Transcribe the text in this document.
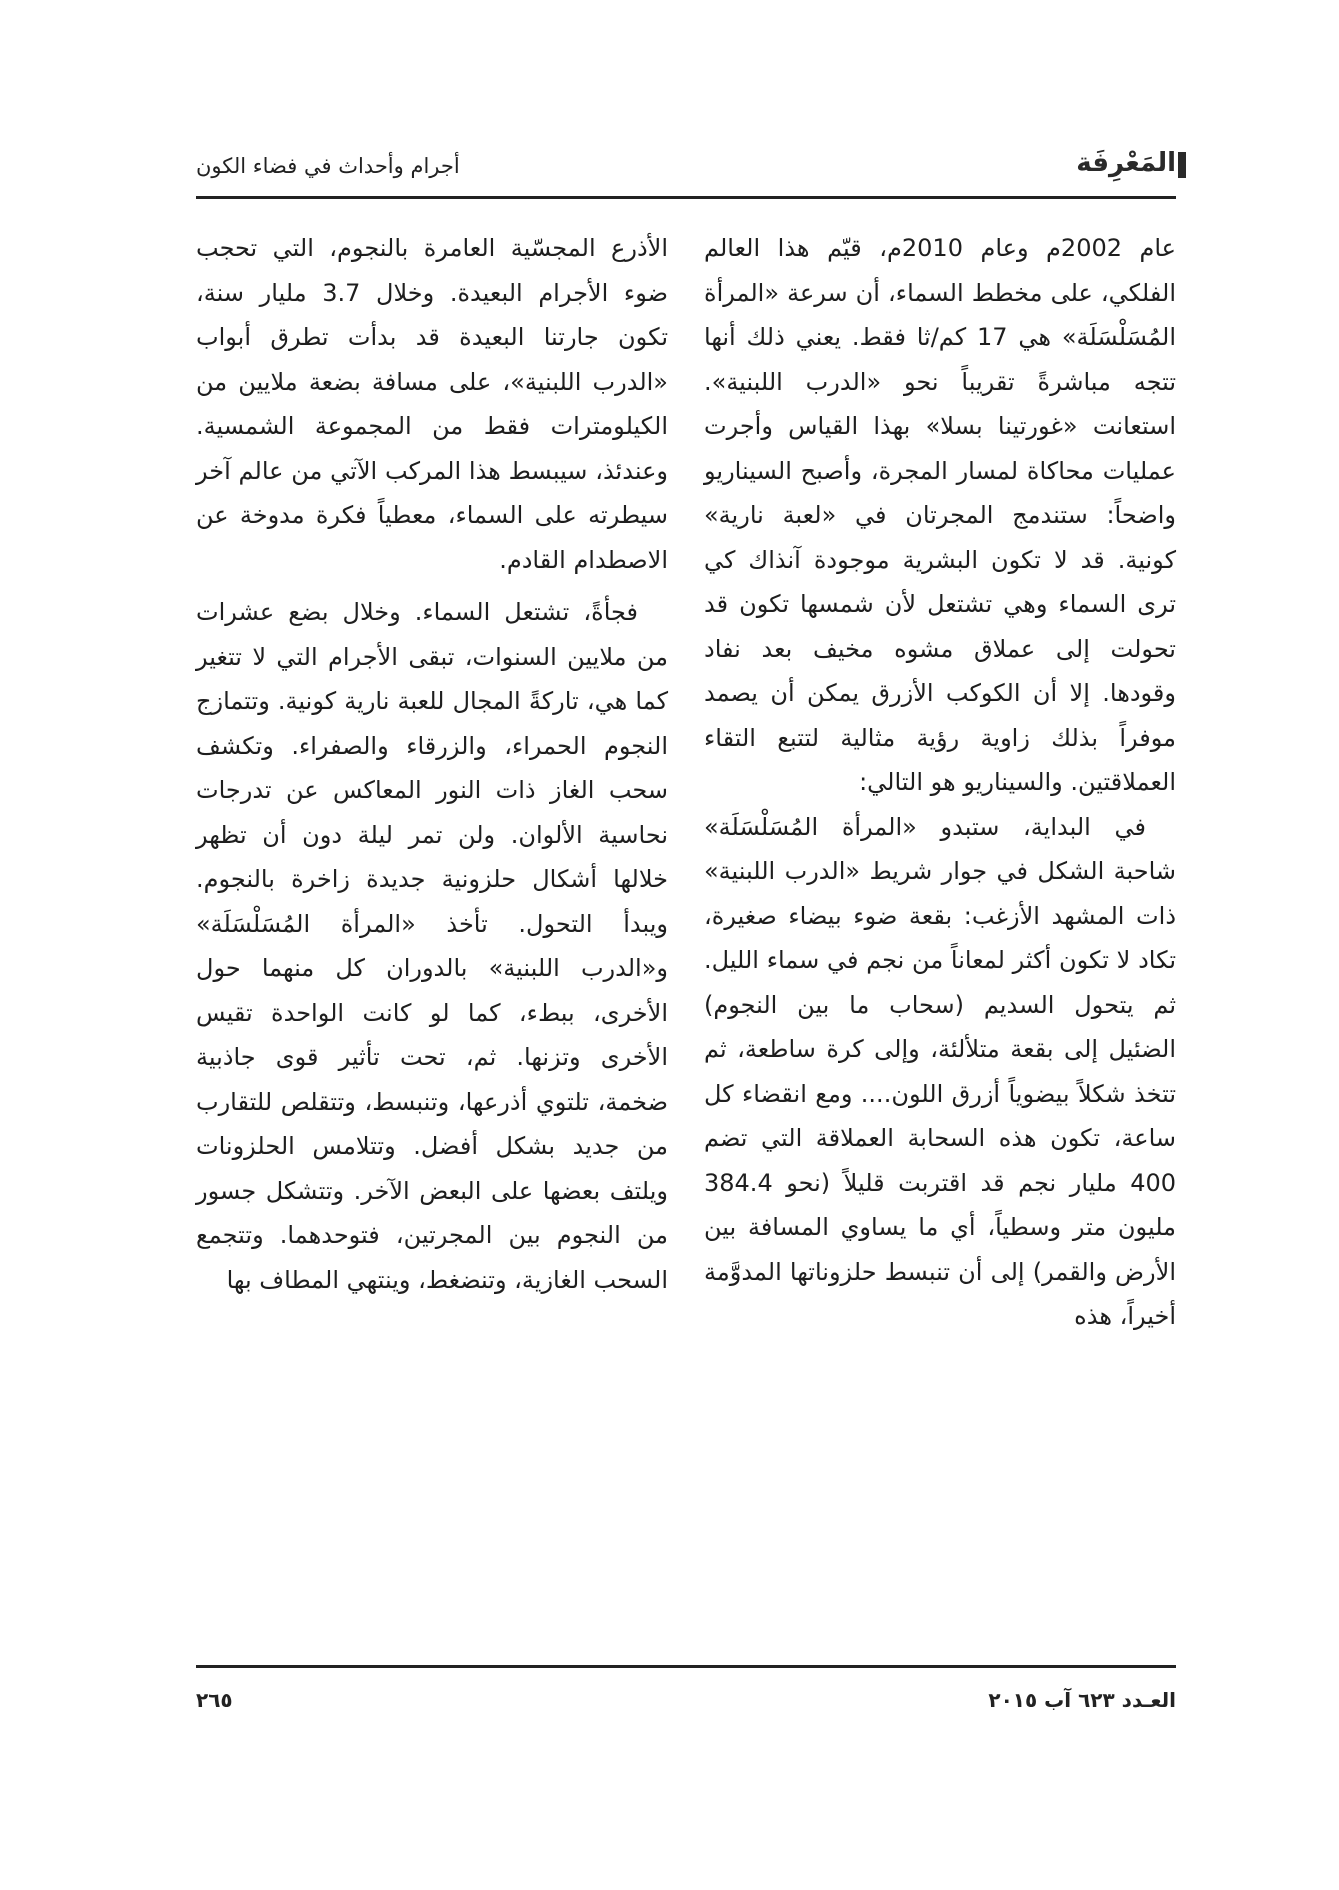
المَعْرِفَة
أجرام وأحداث في فضاء الكون

عام 2002م وعام 2010م، قيّم هذا العالم الفلكي، على مخطط السماء، أن سرعة «المرأة المُسَلْسَلَة» هي 17 كم/ثا فقط. يعني ذلك أنها تتجه مباشرةً تقريباً نحو «الدرب اللبنية». استعانت «غورتينا بسلا» بهذا القياس وأجرت عمليات محاكاة لمسار المجرة، وأصبح السيناريو واضحاً: ستندمج المجرتان في «لعبة نارية» كونية. قد لا تكون البشرية موجودة آنذاك كي ترى السماء وهي تشتعل لأن شمسها تكون قد تحولت إلى عملاق مشوه مخيف بعد نفاد وقودها. إلا أن الكوكب الأزرق يمكن أن يصمد موفراً بذلك زاوية رؤية مثالية لتتبع التقاء العملاقتين. والسيناريو هو التالي:

في البداية، ستبدو «المرأة المُسَلْسَلَة» شاحبة الشكل في جوار شريط «الدرب اللبنية» ذات المشهد الأزغب: بقعة ضوء بيضاء صغيرة، تكاد لا تكون أكثر لمعاناً من نجم في سماء الليل. ثم يتحول السديم (سحاب ما بين النجوم) الضئيل إلى بقعة متلألئة، وإلى كرة ساطعة، ثم تتخذ شكلاً بيضوياً أزرق اللون.... ومع انقضاء كل ساعة، تكون هذه السحابة العملاقة التي تضم 400 مليار نجم قد اقتربت قليلاً (نحو 384.4 مليون متر وسطياً، أي ما يساوي المسافة بين الأرض والقمر) إلى أن تنبسط حلزوناتها المدوَّمة أخيراً، هذه

الأذرع المجسّية العامرة بالنجوم، التي تحجب ضوء الأجرام البعيدة. وخلال 3.7 مليار سنة، تكون جارتنا البعيدة قد بدأت تطرق أبواب «الدرب اللبنية»، على مسافة بضعة ملايين من الكيلومترات فقط من المجموعة الشمسية. وعندئذ، سيبسط هذا المركب الآتي من عالم آخر سيطرته على السماء، معطياً فكرة مدوخة عن الاصطدام القادم.

فجأةً، تشتعل السماء. وخلال بضع عشرات من ملايين السنوات، تبقى الأجرام التي لا تتغير كما هي، تاركةً المجال للعبة نارية كونية. وتتمازج النجوم الحمراء، والزرقاء والصفراء. وتكشف سحب الغاز ذات النور المعاكس عن تدرجات نحاسية الألوان. ولن تمر ليلة دون أن تظهر خلالها أشكال حلزونية جديدة زاخرة بالنجوم. ويبدأ التحول. تأخذ «المرأة المُسَلْسَلَة» و«الدرب اللبنية» بالدوران كل منهما حول الأخرى، ببطء، كما لو كانت الواحدة تقيس الأخرى وتزنها. ثم، تحت تأثير قوى جاذبية ضخمة، تلتوي أذرعها، وتنبسط، وتتقلص للتقارب من جديد بشكل أفضل. وتتلامس الحلزونات ويلتف بعضها على البعض الآخر. وتتشكل جسور من النجوم بين المجرتين، فتوحدهما. وتتجمع السحب الغازية، وتنضغط، وينتهي المطاف بها

العـدد ٦٢٣ آب ٢٠١٥
٢٦٥
